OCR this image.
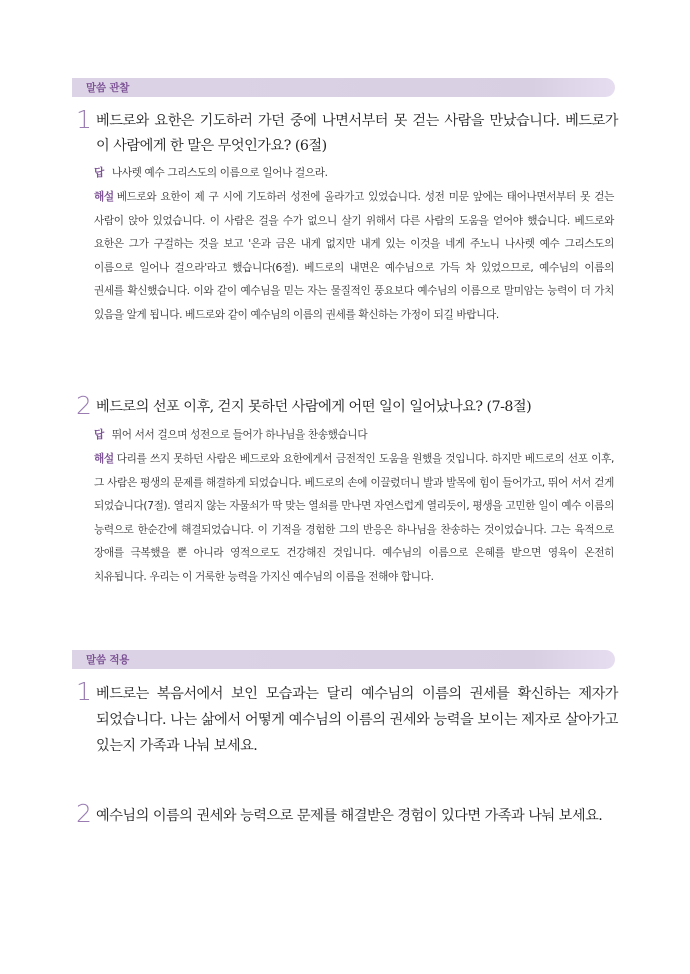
말씀 관찰
1 베드로와 요한은 기도하러 가던 중에 나면서부터 못 걷는 사람을 만났습니다. 베드로가 이 사람에게 한 말은 무엇인가요? (6절)
답 나사렛 예수 그리스도의 이름으로 일어나 걸으라.
해설 베드로와 요한이 제 구 시에 기도하러 성전에 올라가고 있었습니다. 성전 미문 앞에는 태어나면서부터 못 걷는 사람이 앉아 있었습니다. 이 사람은 걸을 수가 없으니 살기 위해서 다른 사람의 도움을 얻어야 했습니다. 베드로와 요한은 그가 구걸하는 것을 보고 '은과 금은 내게 없지만 내게 있는 이것을 네게 주노니 나사렛 예수 그리스도의 이름으로 일어나 걸으라'라고 했습니다(6절). 베드로의 내면은 예수님으로 가득 차 있었으므로, 예수님의 이름의 권세를 확신했습니다. 이와 같이 예수님을 믿는 자는 물질적인 풍요보다 예수님의 이름으로 말미암는 능력이 더 가치 있음을 알게 됩니다. 베드로와 같이 예수님의 이름의 권세를 확신하는 가정이 되길 바랍니다.
2 베드로의 선포 이후, 걷지 못하던 사람에게 어떤 일이 일어났나요? (7-8절)
답 뛰어 서서 걸으며 성전으로 들어가 하나님을 찬송했습니다
해설 다리를 쓰지 못하던 사람은 베드로와 요한에게서 금전적인 도움을 원했을 것입니다. 하지만 베드로의 선포 이후, 그 사람은 평생의 문제를 해결하게 되었습니다. 베드로의 손에 이끌렸더니 발과 발목에 힘이 들어가고, 뛰어 서서 걷게 되었습니다(7절). 열리지 않는 자물쇠가 딱 맞는 열쇠를 만나면 자연스럽게 열리듯이, 평생을 고민한 일이 예수 이름의 능력으로 한순간에 해결되었습니다. 이 기적을 경험한 그의 반응은 하나님을 찬송하는 것이었습니다. 그는 육적으로 장애를 극복했을 뿐 아니라 영적으로도 건강해진 것입니다. 예수님의 이름으로 은혜를 받으면 영육이 온전히 치유됩니다. 우리는 이 거룩한 능력을 가지신 예수님의 이름을 전해야 합니다.
말씀 적용
1 베드로는 복음서에서 보인 모습과는 달리 예수님의 이름의 권세를 확신하는 제자가 되었습니다. 나는 삶에서 어떻게 예수님의 이름의 권세와 능력을 보이는 제자로 살아가고 있는지 가족과 나눠 보세요.
2 예수님의 이름의 권세와 능력으로 문제를 해결받은 경험이 있다면 가족과 나눠 보세요.
